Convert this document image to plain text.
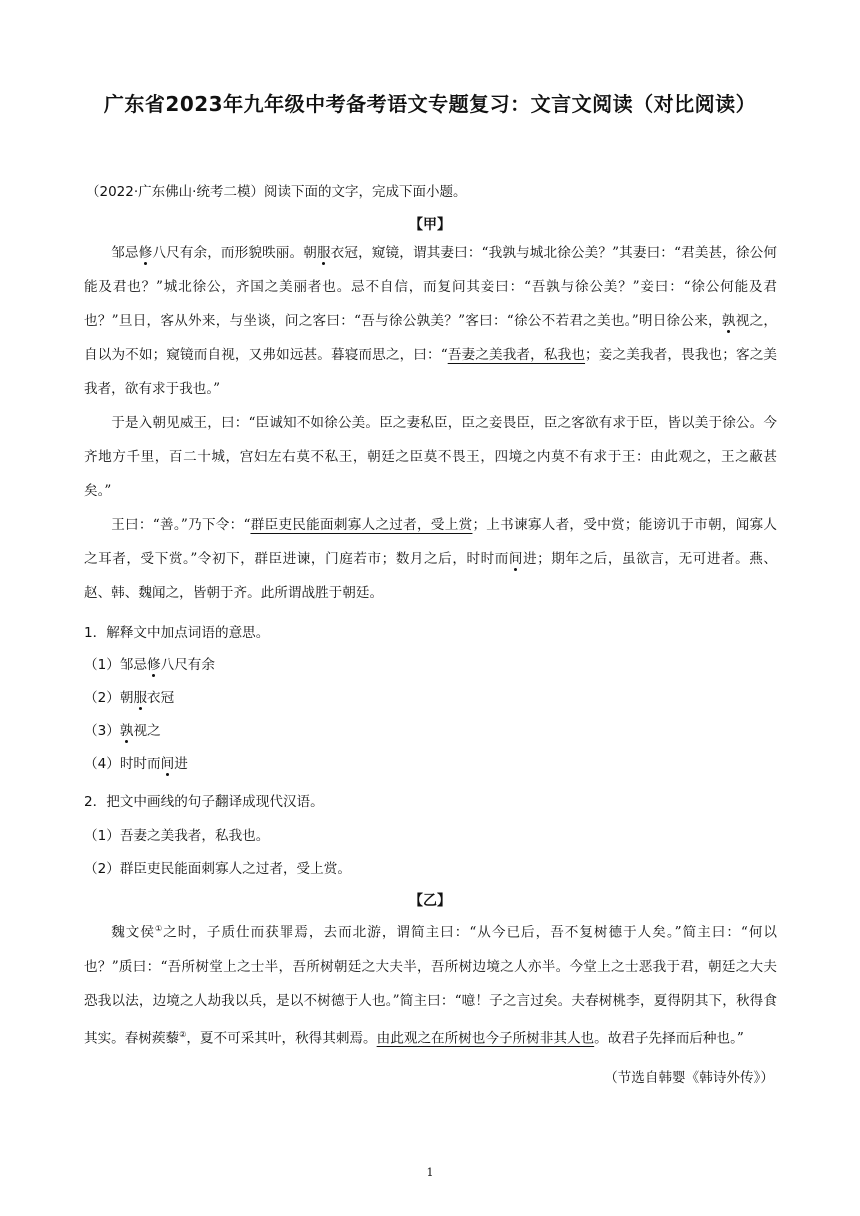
广东省2023年九年级中考备考语文专题复习：文言文阅读（对比阅读）
（2022·广东佛山·统考二模）阅读下面的文字，完成下面小题。
【甲】

邹忌修八尺有余，而形貌昳丽。朝服衣冠，窥镜，谓其妻曰：“我孰与城北徐公美？”其妻曰：“君美甚，徐公何能及君也？”城北徐公，齐国之美丽者也。忌不自信，而复问其妾曰：“吾孰与徐公美？”妾曰：“徐公何能及君也？”旦日，客从外来，与坐谈，问之客曰：“吾与徐公孰美？”客曰：“徐公不若君之美也。”明日徐公来，孰视之，自以为不如；窥镜而自视，又弗如远甚。暮寝而思之，曰：“吾妻之美我者，私我也；妾之美我者，畏我也；客之美我者，欲有求于我也。”

于是入朝见威王，曰：“臣诚知不如徐公美。臣之妻私臣，臣之妾畏臣，臣之客欲有求于臣，皆以美于徐公。今齐地方千里，百二十城，宫妇左右莫不私王，朝廷之臣莫不畏王，四境之内莫不有求于王：由此观之，王之蔽甚矣。”

王曰：“善。”乃下令：“群臣吏民能面刺寡人之过者，受上赏；上书谏寡人者，受中赏；能谤讥于市朝，闻寡人之耳者，受下赏。”令初下，群臣进谏，门庭若市；数月之后，时时而间进；期年之后，虽欲言，无可进者。燕、赵、韩、魏闻之，皆朝于齐。此所谓战胜于朝廷。

1．解释文中加点词语的意思。
（1）邹忌修八尺有余
（2）朝服衣冠
（3）孰视之
（4）时时而间进
2．把文中画线的句子翻译成现代汉语。
（1）吾妻之美我者，私我也。
（2）群臣吏民能面刺寡人之过者，受上赏。
【乙】

魏文侯①之时，子质仕而获罪焉，去而北游，谓简主曰：“从今已后，吾不复树德于人矣。”简主曰：“何以也？”质曰：“吾所树堂上之士半，吾所树朝廷之大夫半，吾所树边境之人亦半。今堂上之士恶我于君，朝廷之大夫恐我以法，边境之人劫我以兵，是以不树德于人也。”简主曰：“噫！子之言过矣。夫春树桃李，夏得阴其下，秋得食其实。春树蒺藜②，夏不可采其叶，秋得其刺焉。由此观之在所树也今子所树非其人也。故君子先择而后种也。”

（节选自韩婴《韩诗外传》）
1
